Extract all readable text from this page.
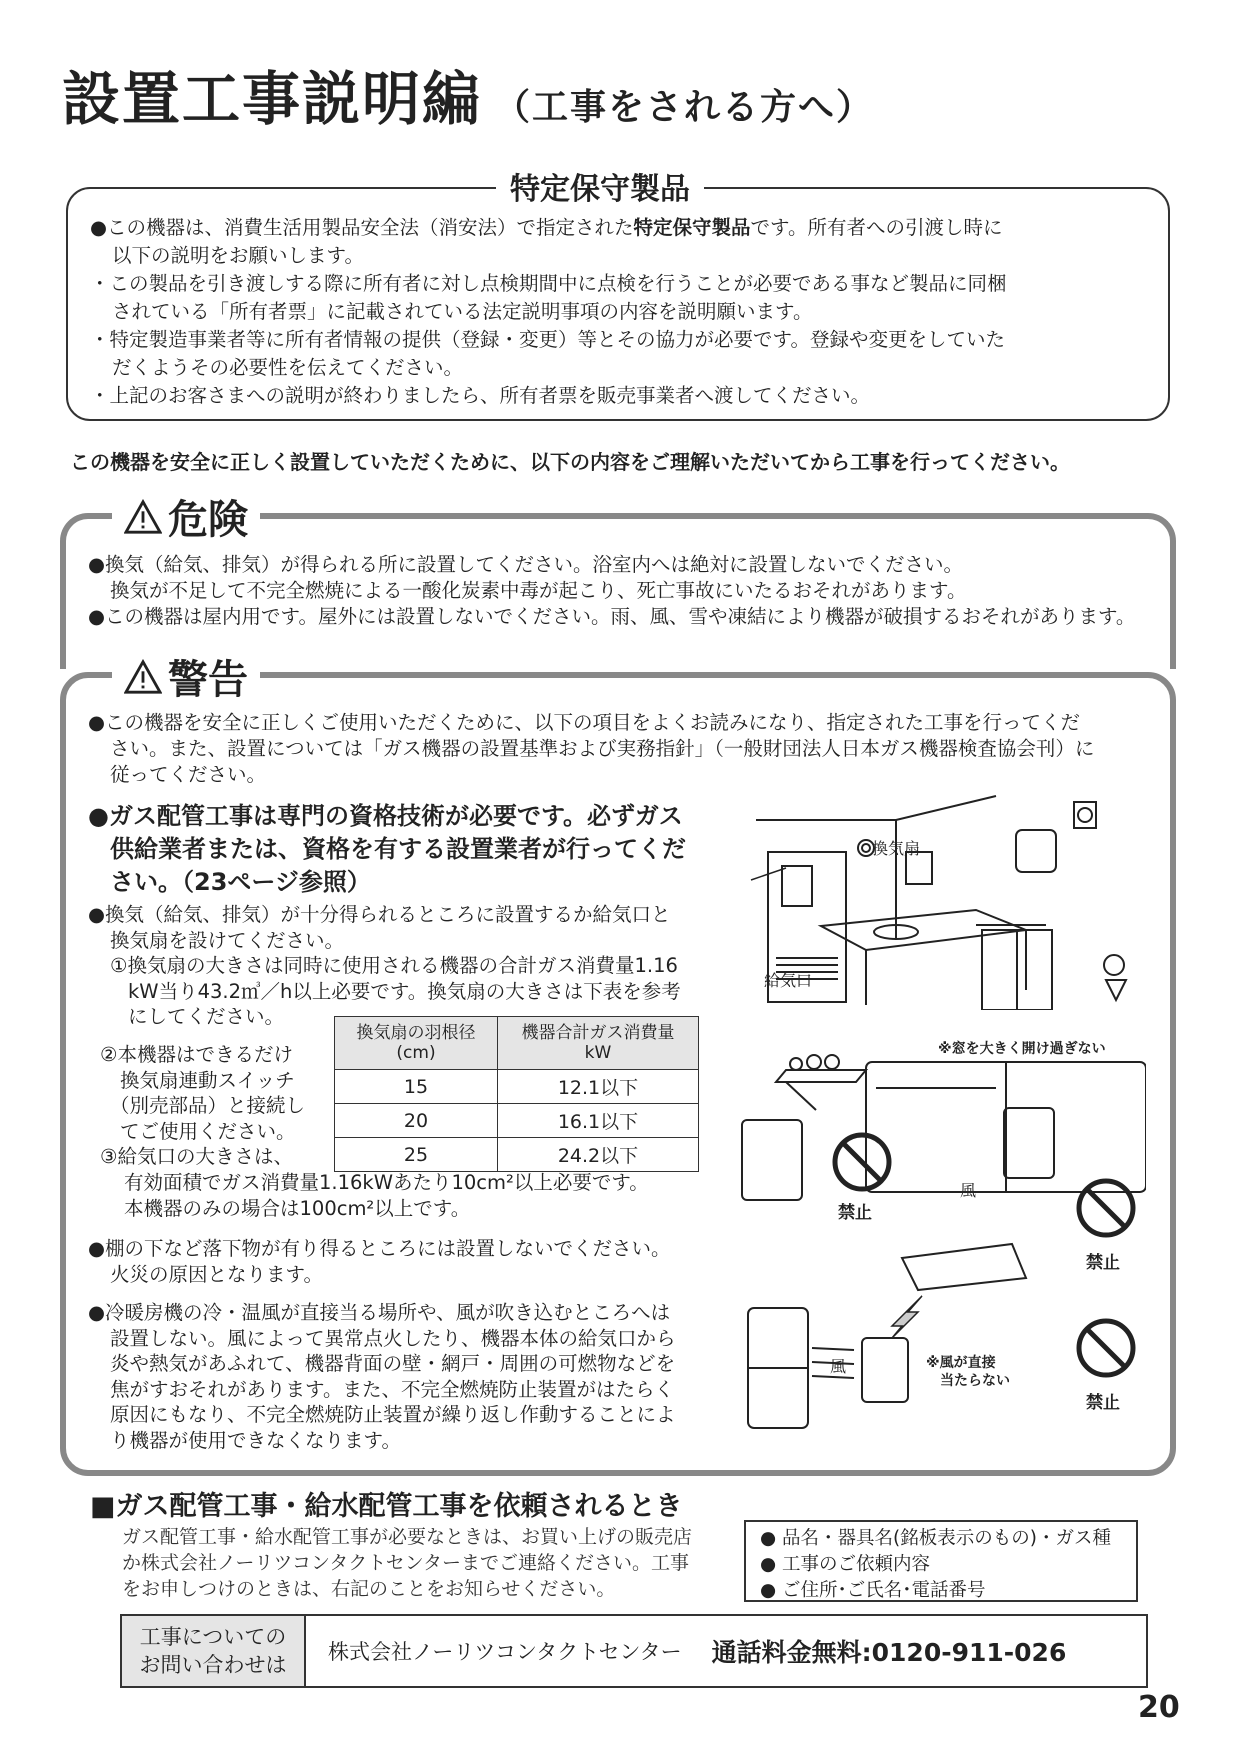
設置工事説明編 （工事をされる方へ）
特定保守製品

●この機器は、消費生活用製品安全法（消安法）で指定された特定保守製品です。所有者への引渡し時に

以下の説明をお願いします。

・この製品を引き渡しする際に所有者に対し点検期間中に点検を行うことが必要である事など製品に同梱

されている「所有者票」に記載されている法定説明事項の内容を説明願います。

・特定製造事業者等に所有者情報の提供（登録・変更）等とその協力が必要です。登録や変更をしていた

だくようその必要性を伝えてください。

・上記のお客さまへの説明が終わりましたら、所有者票を販売事業者へ渡してください。

この機器を安全に正しく設置していただくために、以下の内容をご理解いただいてから工事を行ってください。
危険

●換気（給気、排気）が得られる所に設置してください。浴室内へは絶対に設置しないでください。

換気が不足して不完全燃焼による一酸化炭素中毒が起こり、死亡事故にいたるおそれがあります。

●この機器は屋内用です。屋外には設置しないでください。雨、風、雪や凍結により機器が破損するおそれがあります。

警告
●この機器を安全に正しくご使用いただくために、以下の項目をよくお読みになり、指定された工事を行ってくだ
さい。また、設置については「ガス機器の設置基準および実務指針」（一般財団法人日本ガス機器検査協会刊）に
従ってください。
●ガス配管工事は専門の資格技術が必要です。必ずガス
供給業者または、資格を有する設置業者が行ってくだ
さい。（23ページ参照）
●換気（給気、排気）が十分得られるところに設置するか給気口と
換気扇を設けてください。
①換気扇の大きさは同時に使用される機器の合計ガス消費量1.16
kW当り43.2㎥／h以上必要です。換気扇の大きさは下表を参考
にしてください。
②本機器はできるだけ
換気扇連動スイッチ
（別売部品）と接続し
てご使用ください。
③給気口の大きさは、
有効面積でガス消費量1.16kWあたり10cm²以上必要です。
本機器のみの場合は100cm²以上です。
換気扇の羽根径
(cm)	機器合計ガス消費量
kW
15	12.1以下
20	16.1以下
25	24.2以下
●棚の下など落下物が有り得るところには設置しないでください。
火災の原因となります。
●冷暖房機の冷・温風が直接当る場所や、風が吹き込むところへは
設置しない。風によって異常点火したり、機器本体の給気口から
炎や熱気があふれて、機器背面の壁・網戸・周囲の可燃物などを
焦がすおそれがあります。また、不完全燃焼防止装置がはたらく
原因にもなり、不完全燃焼防止装置が繰り返し作動することによ
り機器が使用できなくなります。
換気扇
給気口
※窓を大きく開け過ぎない
禁止
禁止
風
風	※風が直接
当たらない
禁止
■ガス配管工事・給水配管工事を依頼されるとき
ガス配管工事・給水配管工事が必要なときは、お買い上げの販売店
か株式会社ノーリツコンタクトセンターまでご連絡ください。工事
をお申しつけのときは、右記のことをお知らせください。
● 品名・器具名(銘板表示のもの)・ガス種
● 工事のご依頼内容
● ご住所･ご氏名･電話番号
工事についての
お問い合わせは
株式会社ノーリツコンタクトセンター	通話料金無料:0120-911-026
20
